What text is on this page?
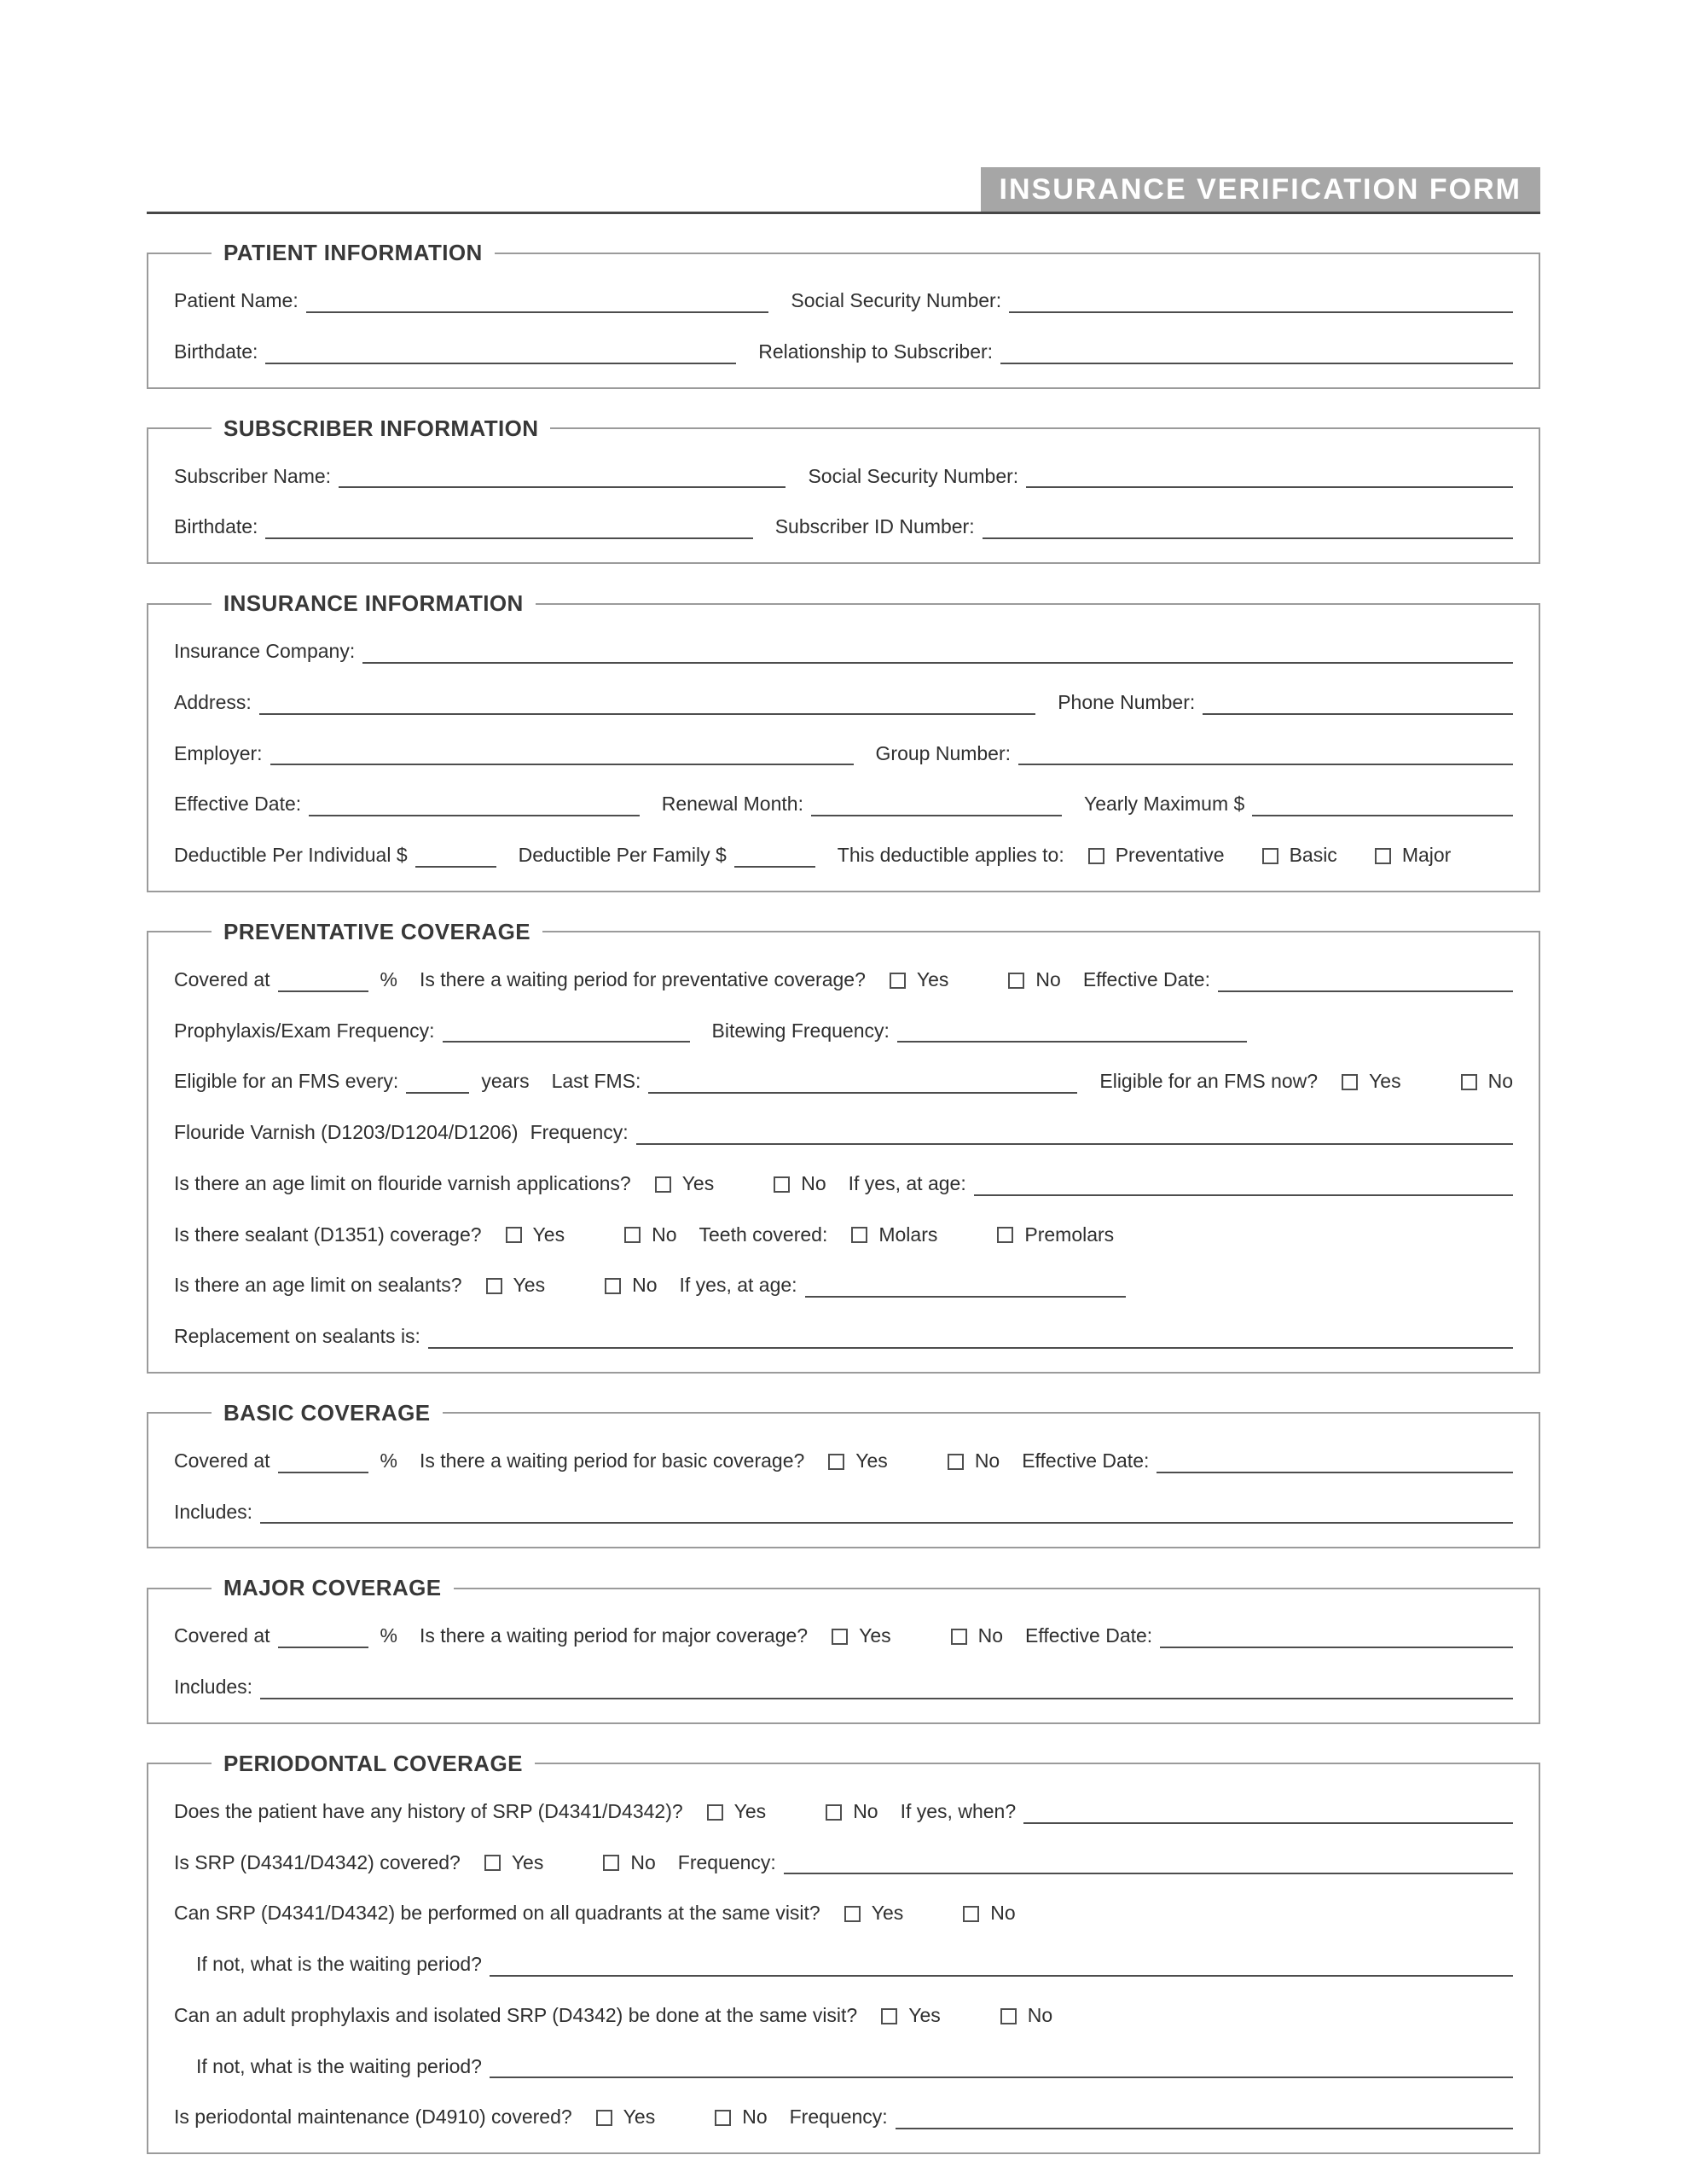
INSURANCE VERIFICATION FORM
PATIENT INFORMATION
Patient Name:	Social Security Number:
Birthdate:	Relationship to Subscriber:
SUBSCRIBER INFORMATION
Subscriber Name:	Social Security Number:
Birthdate:	Subscriber ID Number:
INSURANCE INFORMATION
Insurance Company:
Address:	Phone Number:
Employer:	Group Number:
Effective Date:	Renewal Month:	Yearly Maximum $
Deductible Per Individual $	Deductible Per Family $	This deductible applies to:	Preventative	Basic	Major
PREVENTATIVE COVERAGE
Covered at	% Is there a waiting period for preventative coverage?	Yes	No Effective Date:
Prophylaxis/Exam Frequency:	Bitewing Frequency:
Eligible for an FMS every:	years Last FMS:	Eligible for an FMS now?	Yes	No
Flouride Varnish (D1203/D1204/D1206) Frequency:
Is there an age limit on flouride varnish applications?	Yes	No If yes, at age:
Is there sealant (D1351) coverage?	Yes	No Teeth covered:	Molars	Premolars
Is there an age limit on sealants?	Yes	No If yes, at age:
Replacement on sealants is:
BASIC COVERAGE
Covered at	% Is there a waiting period for basic coverage?	Yes	No Effective Date:
Includes:
MAJOR COVERAGE
Covered at	% Is there a waiting period for major coverage?	Yes	No Effective Date:
Includes:
PERIODONTAL COVERAGE
Does the patient have any history of SRP (D4341/D4342)?	Yes	No If yes, when?
Is SRP (D4341/D4342) covered?	Yes	No Frequency:
Can SRP (D4341/D4342) be performed on all quadrants at the same visit?	Yes	No
If not, what is the waiting period?
Can an adult prophylaxis and isolated SRP (D4342) be done at the same visit?	Yes	No
If not, what is the waiting period?
Is periodontal maintenance (D4910) covered?	Yes	No Frequency:
